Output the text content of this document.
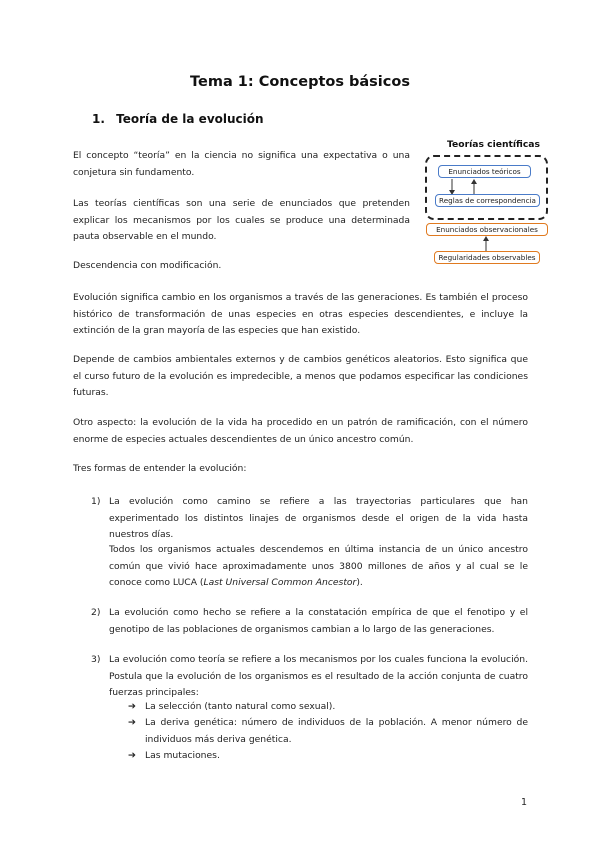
Tema 1: Conceptos básicos
1. Teoría de la evolución
Teorías científicas
Enunciados teóricos
Reglas de correspondencia
Enunciados observacionales
Regularidades observables
El concepto “teoría” en la ciencia no significa una expectativa o una conjetura sin fundamento.
Las teorías científicas son una serie de enunciados que pretenden explicar los mecanismos por los cuales se produce una determinada pauta observable en el mundo.
Descendencia con modificación.
Evolución significa cambio en los organismos a través de las generaciones. Es también el proceso histórico de transformación de unas especies en otras especies descendientes, e incluye la extinción de la gran mayoría de las especies que han existido.
Depende de cambios ambientales externos y de cambios genéticos aleatorios. Esto significa que el curso futuro de la evolución es impredecible, a menos que podamos especificar las condiciones futuras.
Otro aspecto: la evolución de la vida ha procedido en un patrón de ramificación, con el número enorme de especies actuales descendientes de un único ancestro común.
Tres formas de entender la evolución:
1) La evolución como camino se refiere a las trayectorias particulares que han experimentado los distintos linajes de organismos desde el origen de la vida hasta nuestros días.
Todos los organismos actuales descendemos en última instancia de un único ancestro común que vivió hace aproximadamente unos 3800 millones de años y al cual se le conoce como LUCA (Last Universal Common Ancestor).
2) La evolución como hecho se refiere a la constatación empírica de que el fenotipo y el genotipo de las poblaciones de organismos cambian a lo largo de las generaciones.
3) La evolución como teoría se refiere a los mecanismos por los cuales funciona la evolución. Postula que la evolución de los organismos es el resultado de la acción conjunta de cuatro fuerzas principales:
➔ La selección (tanto natural como sexual).
➔ La deriva genética: número de individuos de la población. A menor número de individuos más deriva genética.
➔ Las mutaciones.
1
